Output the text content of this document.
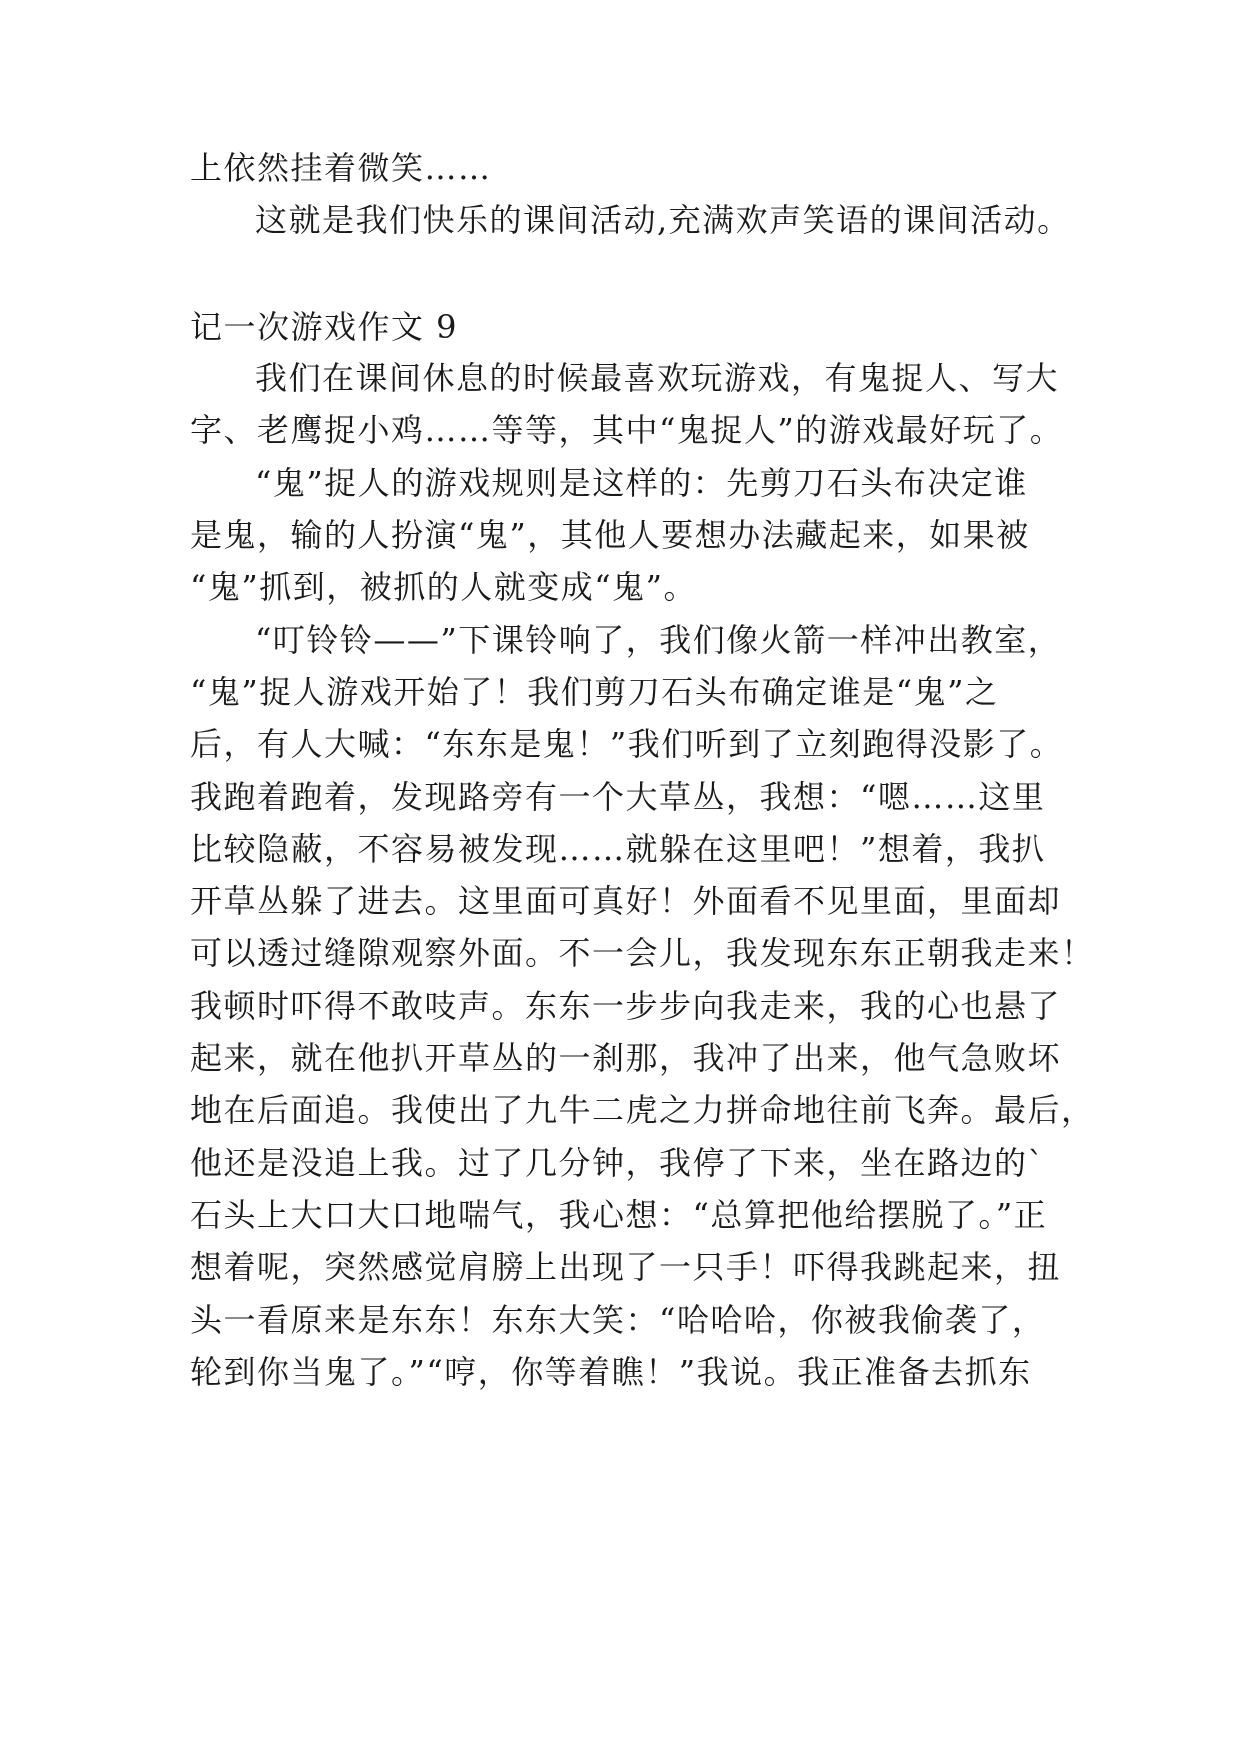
上依然挂着微笑……
这就是我们快乐的课间活动,充满欢声笑语的课间活动。
记一次游戏作文 9
我们在课间休息的时候最喜欢玩游戏，有鬼捉人、写大
字、老鹰捉小鸡……等等，其中“鬼捉人”的游戏最好玩了。
“鬼”捉人的游戏规则是这样的：先剪刀石头布决定谁
是鬼，输的人扮演“鬼”，其他人要想办法藏起来，如果被
“鬼”抓到，被抓的人就变成“鬼”。
“叮铃铃——”下课铃响了，我们像火箭一样冲出教室，
“鬼”捉人游戏开始了！我们剪刀石头布确定谁是“鬼”之
后，有人大喊：“东东是鬼！”我们听到了立刻跑得没影了。
我跑着跑着，发现路旁有一个大草丛，我想：“嗯……这里
比较隐蔽，不容易被发现……就躲在这里吧！”想着，我扒
开草丛躲了进去。这里面可真好！外面看不见里面，里面却
可以透过缝隙观察外面。不一会儿，我发现东东正朝我走来！
我顿时吓得不敢吱声。东东一步步向我走来，我的心也悬了
起来，就在他扒开草丛的一刹那，我冲了出来，他气急败坏
地在后面追。我使出了九牛二虎之力拼命地往前飞奔。最后，
他还是没追上我。过了几分钟，我停了下来，坐在路边的`
石头上大口大口地喘气，我心想：“总算把他给摆脱了。”正
想着呢，突然感觉肩膀上出现了一只手！吓得我跳起来，扭
头一看原来是东东！东东大笑：“哈哈哈，你被我偷袭了，
轮到你当鬼了。”“哼，你等着瞧！”我说。我正准备去抓东
